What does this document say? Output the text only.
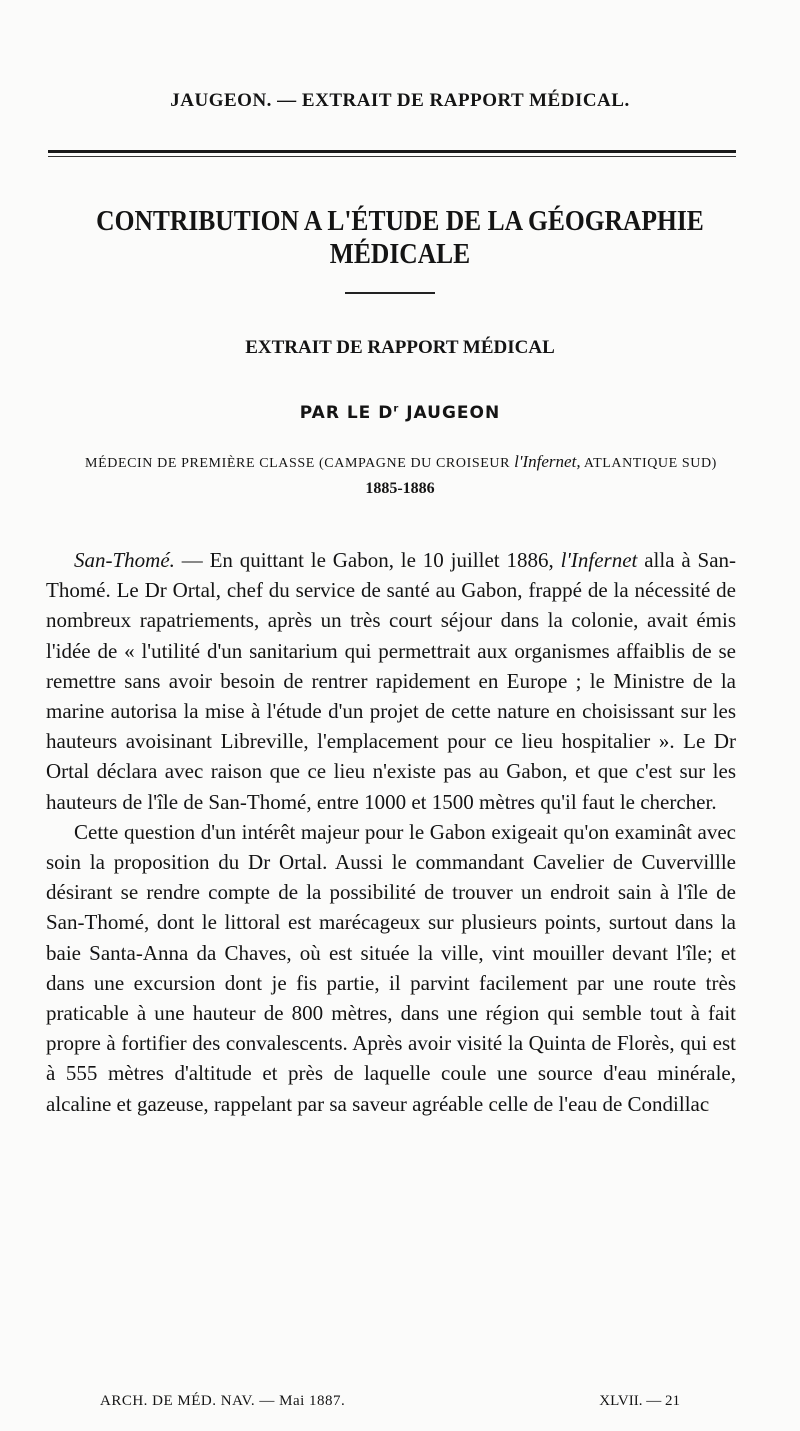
JAUGEON. — EXTRAIT DE RAPPORT MÉDICAL.
CONTRIBUTION A L'ÉTUDE DE LA GÉOGRAPHIE MÉDICALE
EXTRAIT DE RAPPORT MÉDICAL
PAR LE $D^r$ JAUGEON
MÉDECIN DE PREMIÈRE CLASSE (CAMPAGNE DU CROISEUR l'Infernet, ATLANTIQUE SUD)
1885-1886

San-Thomé. — En quittant le Gabon, le 10 juillet 1886, l'Infernet alla à San-Thomé. Le Dr Ortal, chef du service de santé au Gabon, frappé de la nécessité de nombreux rapatriements, après un très court séjour dans la colonie, avait émis l'idée de « l'utilité d'un sanitarium qui permettrait aux organismes affaiblis de se remettre sans avoir besoin de rentrer rapidement en Europe ; le Ministre de la marine autorisa la mise à l'étude d'un projet de cette nature en choisissant sur les hauteurs avoisinant Libreville, l'emplacement pour ce lieu hospitalier ». Le Dr Ortal déclara avec raison que ce lieu n'existe pas au Gabon, et que c'est sur les hauteurs de l'île de San-Thomé, entre 1000 et 1500 mètres qu'il faut le chercher.

Cette question d'un intérêt majeur pour le Gabon exigeait qu'on examinât avec soin la proposition du Dr Ortal. Aussi le commandant Cavelier de Cuvervillle désirant se rendre compte de la possibilité de trouver un endroit sain à l'île de San-Thomé, dont le littoral est marécageux sur plusieurs points, surtout dans la baie Santa-Anna da Chaves, où est située la ville, vint mouiller devant l'île; et dans une excursion dont je fis partie, il parvint facilement par une route très praticable à une hauteur de 800 mètres, dans une région qui semble tout à fait propre à fortifier des convalescents. Après avoir visité la Quinta de Florès, qui est à 555 mètres d'altitude et près de laquelle coule une source d'eau minérale, alcaline et gazeuse, rappelant par sa saveur agréable celle de l'eau de Condillac

ARCH. DE MÉD. NAV. — Mai 1887.	XLVII. — 21
